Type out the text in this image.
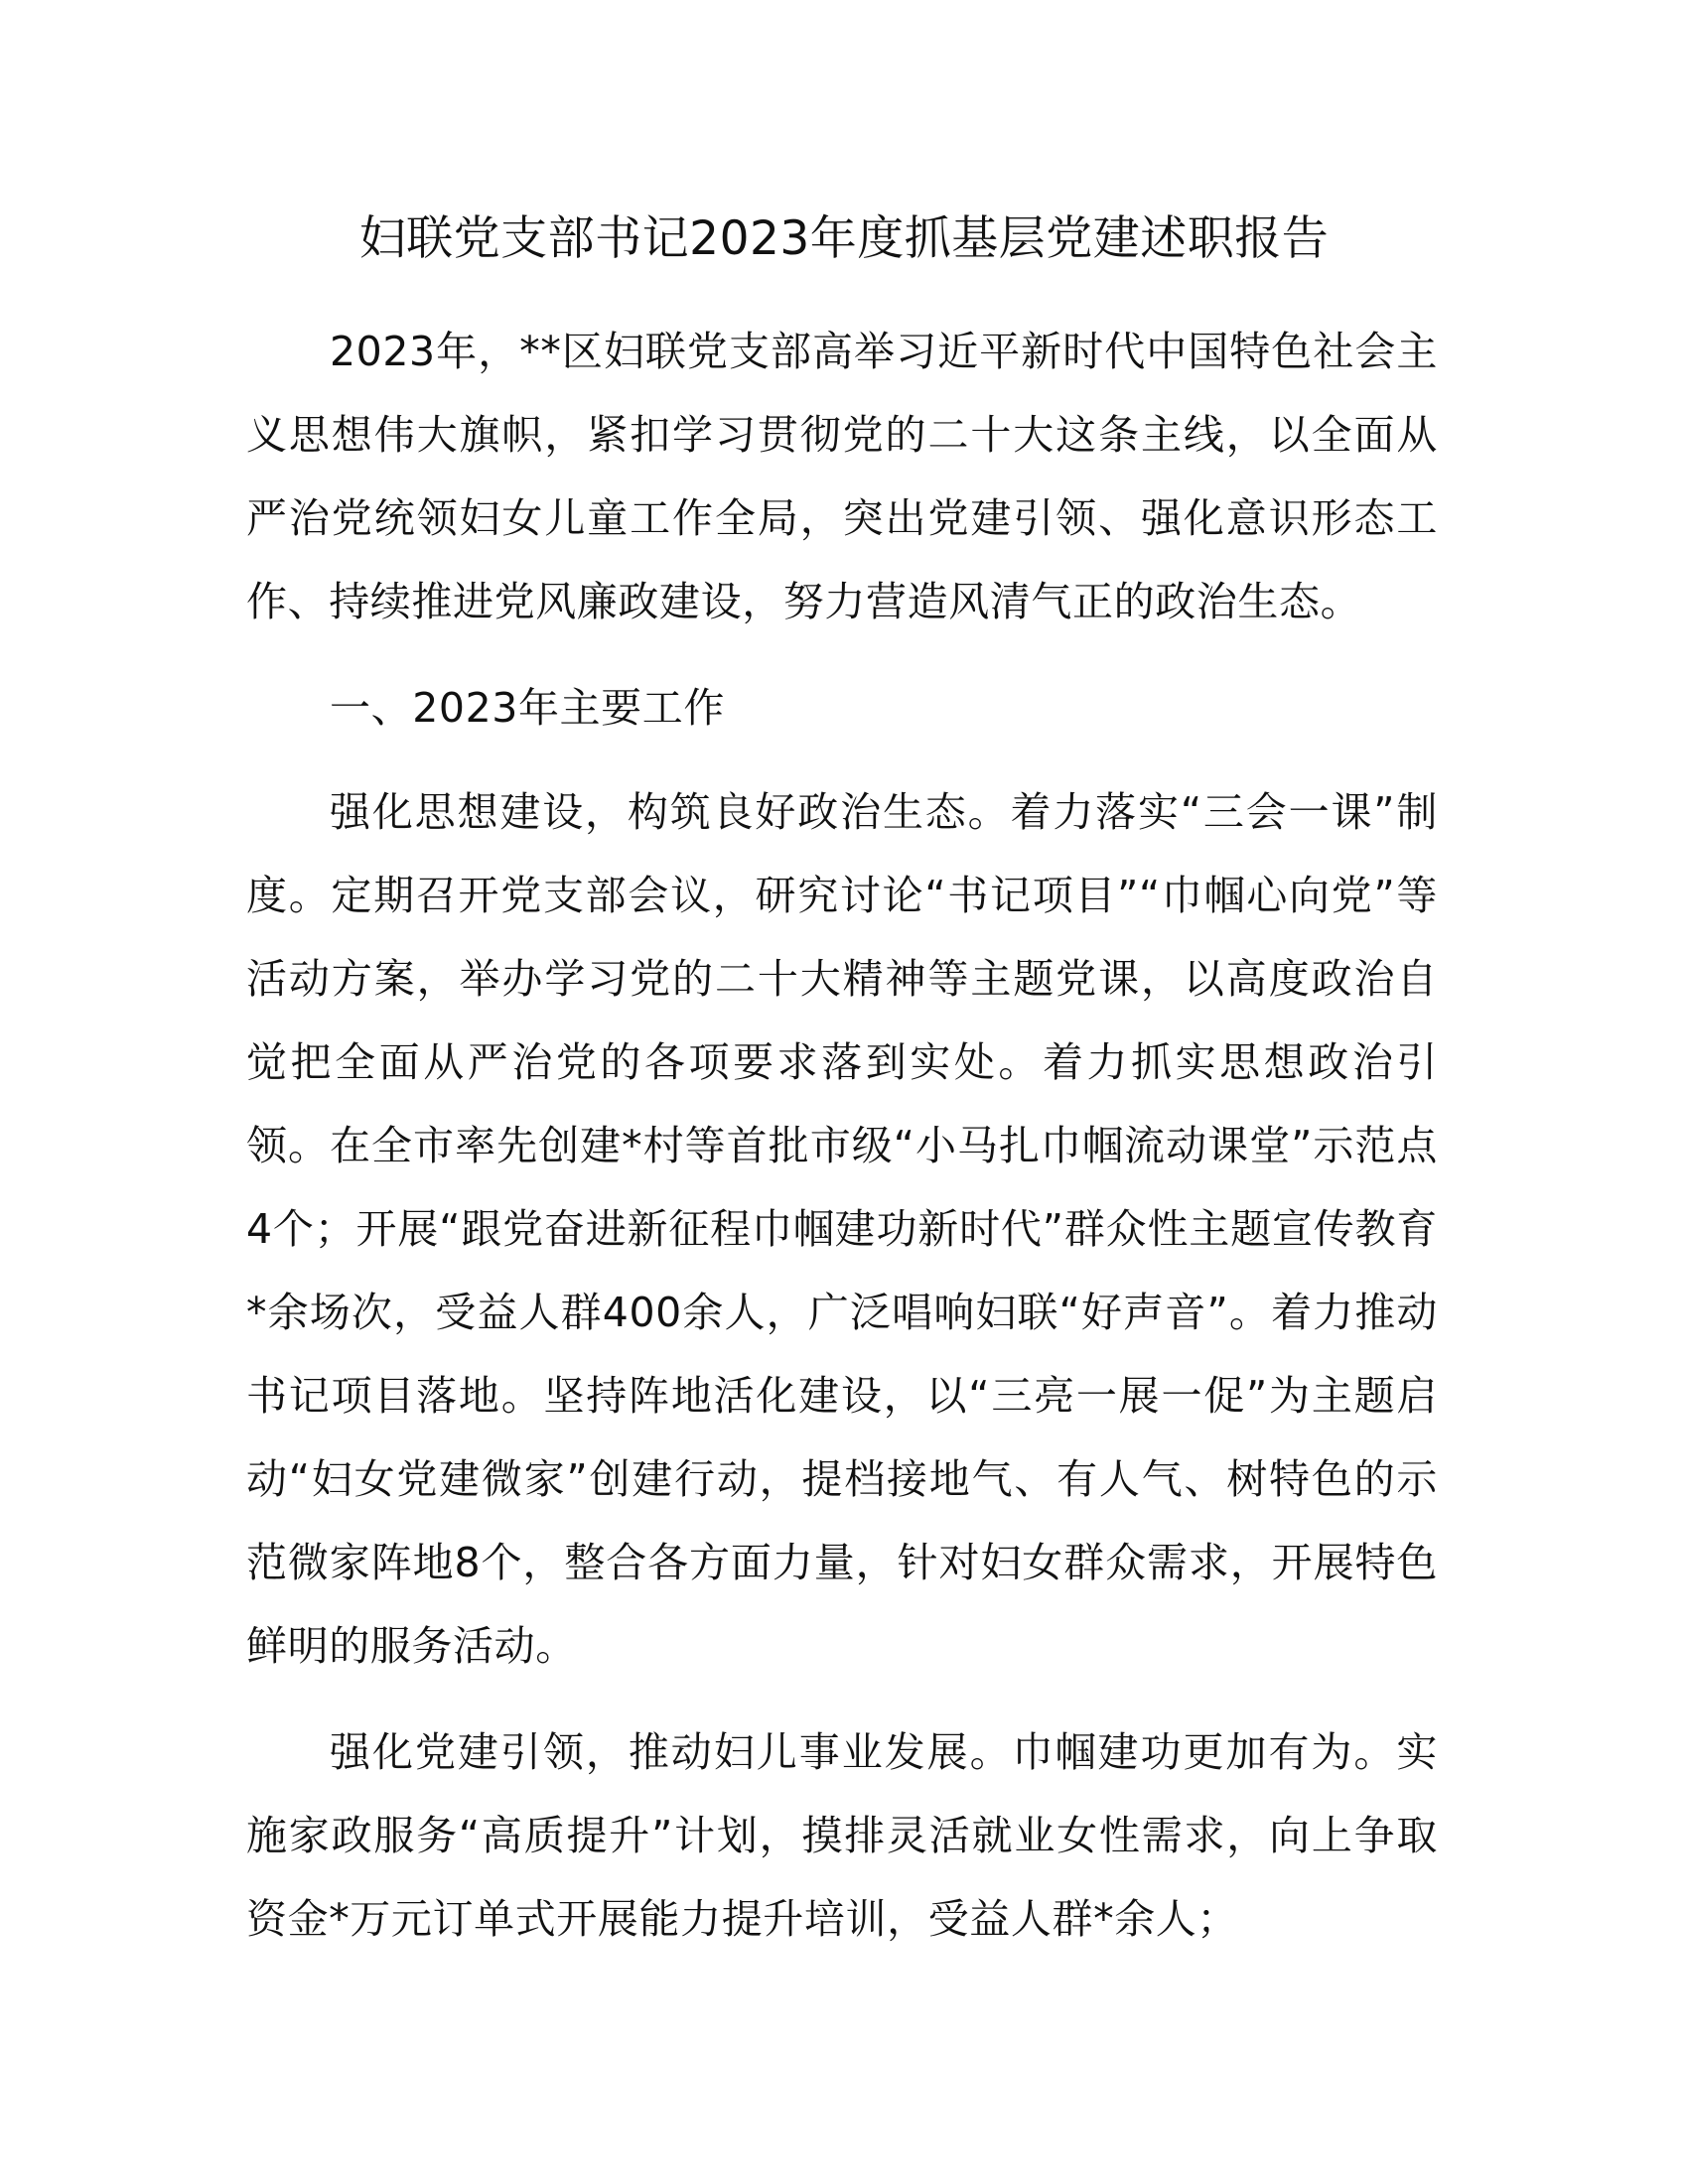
妇联党支部书记2023年度抓基层党建述职报告

2023年，**区妇联党支部高举习近平新时代中国特色社会主义思想伟大旗帜，紧扣学习贯彻党的二十大这条主线，以全面从严治党统领妇女儿童工作全局，突出党建引领、强化意识形态工作、持续推进党风廉政建设，努力营造风清气正的政治生态。

一、2023年主要工作

强化思想建设，构筑良好政治生态。着力落实“三会一课”制度。定期召开党支部会议，研究讨论“书记项目”“巾帼心向党”等活动方案，举办学习党的二十大精神等主题党课，以高度政治自觉把全面从严治党的各项要求落到实处。着力抓实思想政治引领。在全市率先创建*村等首批市级“小马扎巾帼流动课堂”示范点4个；开展“跟党奋进新征程巾帼建功新时代”群众性主题宣传教育*余场次，受益人群400余人，广泛唱响妇联“好声音”。着力推动书记项目落地。坚持阵地活化建设，以“三亮一展一促”为主题启动“妇女党建微家”创建行动，提档接地气、有人气、树特色的示范微家阵地8个，整合各方面力量，针对妇女群众需求，开展特色鲜明的服务活动。

强化党建引领，推动妇儿事业发展。巾帼建功更加有为。实施家政服务“高质提升”计划，摸排灵活就业女性需求，向上争取资金*万元订单式开展能力提升培训，受益人群*余人；
